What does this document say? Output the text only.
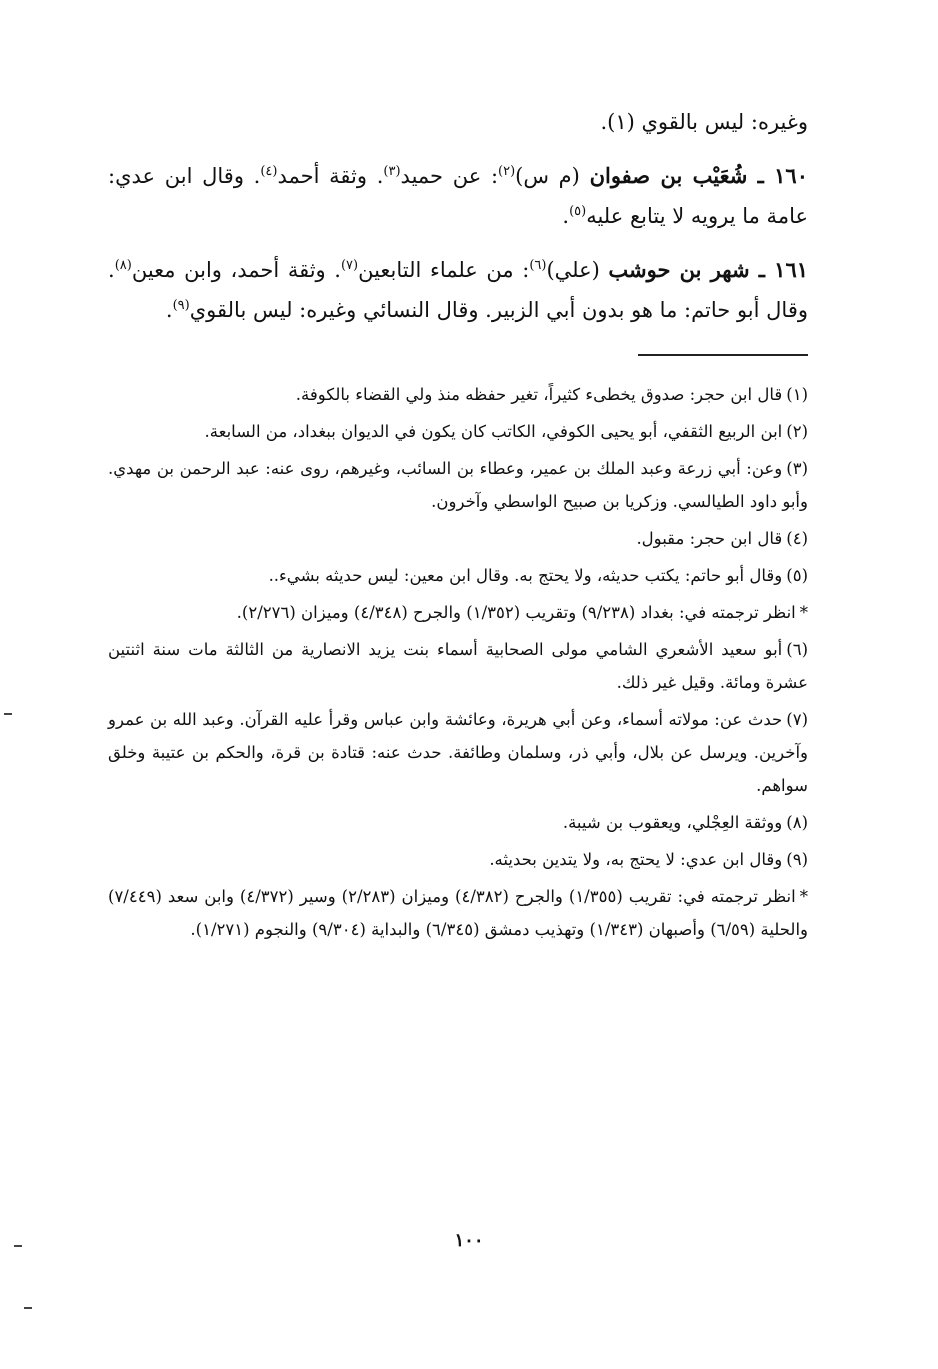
وغيره: ليس بالقوي (١).

١٦٠ ـ شُعَيْب بن صفوان (م س)$^{(٢)}$: عن حميد$^{(٣)}$. وثقة أحمد$^{(٤)}$. وقال ابن عدي: عامة ما يرويه لا يتابع عليه$^{(٥)}$.

١٦١ ـ شهر بن حوشب (علي)$^{(٦)}$: من علماء التابعين$^{(٧)}$. وثقة أحمد، وابن معين$^{(٨)}$. وقال أبو حاتم: ما هو بدون أبي الزبير. وقال النسائي وغيره: ليس بالقوي$^{(٩)}$.

(١)قال ابن حجر: صدوق يخطىء كثيراً، تغير حفظه منذ ولي القضاء بالكوفة.
(٢)ابن الربيع الثقفي، أبو يحيى الكوفي، الكاتب كان يكون في الديوان ببغداد، من السابعة.
(٣)وعن: أبي زرعة وعبد الملك بن عمير، وعطاء بن السائب، وغيرهم، روى عنه: عبد الرحمن بن مهدي. وأبو داود الطيالسي. وزكريا بن صبيح الواسطي وآخرون.
(٤)قال ابن حجر: مقبول.
(٥)وقال أبو حاتم: يكتب حديثه، ولا يحتج به. وقال ابن معين: ليس حديثه بشيء..
*انظر ترجمته في: بغداد (٩/٢٣٨) وتقريب (١/٣٥٢) والجرح (٤/٣٤٨) وميزان (٢/٢٧٦).
(٦)أبو سعيد الأشعري الشامي مولى الصحابية أسماء بنت يزيد الانصارية من الثالثة مات سنة اثنتين عشرة ومائة. وقيل غير ذلك.
(٧)حدث عن: مولاته أسماء، وعن أبي هريرة، وعائشة وابن عباس وقرأ عليه القرآن. وعبد الله بن عمرو وآخرين. ويرسل عن بلال، وأبي ذر، وسلمان وطائفة. حدث عنه: قتادة بن قرة، والحكم بن عتيبة وخلق سواهم.
(٨)ووثقة العِجْلي، ويعقوب بن شيبة.
(٩)وقال ابن عدي: لا يحتج به، ولا يتدين بحديثه.
*انظر ترجمته في: تقريب (١/٣٥٥) والجرح (٤/٣٨٢) وميزان (٢/٢٨٣) وسير (٤/٣٧٢) وابن سعد (٧/٤٤٩) والحلية (٦/٥٩) وأصبهان (١/٣٤٣) وتهذيب دمشق (٦/٣٤٥) والبداية (٩/٣٠٤) والنجوم (١/٢٧١).
١٠٠
